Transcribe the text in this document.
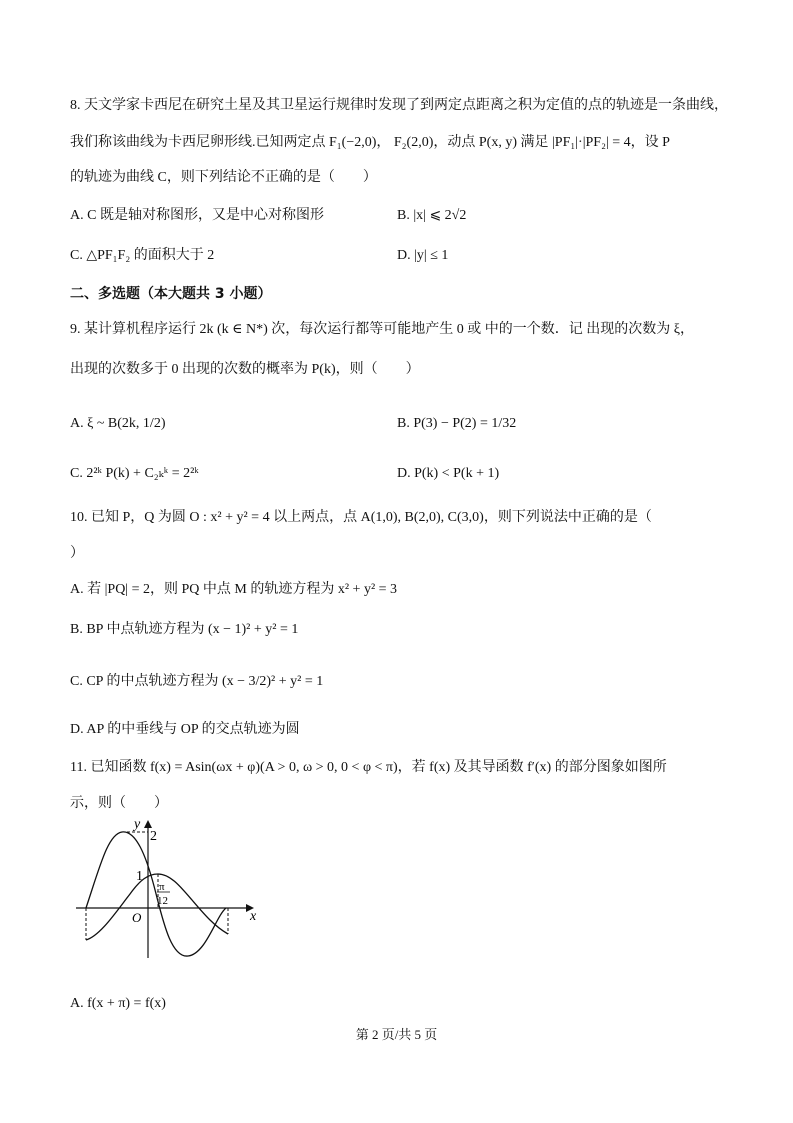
8. 天文学家卡西尼在研究土星及其卫星运行规律时发现了到两定点距离之积为定值的点的轨迹是一条曲线，
我们称该曲线为卡西尼卵形线.已知两定点 F₁(−2,0)， F₂(2,0)，动点 P(x, y) 满足 |PF₁|·|PF₂| = 4，设 P
的轨迹为曲线 C，则下列结论不正确的是（　　）
A. C 既是轴对称图形，又是中心对称图形	B. |x| ⩽ 2√2
C. △PF₁F₂ 的面积大于 2	D. |y| ≤ 1
二、多选题（本大题共 3 小题）
9. 某计算机程序运行 2k (k ∈ N*) 次，每次运行都等可能地产生 0 或 中的一个数．记 出现的次数为 ξ，
出现的次数多于 0 出现的次数的概率为 P(k)，则（　　）
A. ξ ~ B(2k, 1/2)	B. P(3) − P(2) = 1/32
C. 2²ᵏ P(k) + C₂ₖᵏ = 2²ᵏ	D. P(k) < P(k + 1)
10. 已知 P，Q 为圆 O : x² + y² = 4 以上两点，点 A(1,0), B(2,0), C(3,0)，则下列说法中正确的是（
）
A. 若 |PQ| = 2，则 PQ 中点 M 的轨迹方程为 x² + y² = 3
B. BP 中点轨迹方程为 (x − 1)² + y² = 1
C. CP 的中点轨迹方程为 (x − 3/2)² + y² = 1
D. AP 的中垂线与 OP 的交点轨迹为圆
11. 已知函数 f(x) = Asin(ωx + φ)(A > 0, ω > 0, 0 < φ < π)，若 f(x) 及其导函数 f′(x) 的部分图象如图所
示，则（　　）
y
x
O
2
1
π
12
A. f(x + π) = f(x)
第 2 页/共 5 页
